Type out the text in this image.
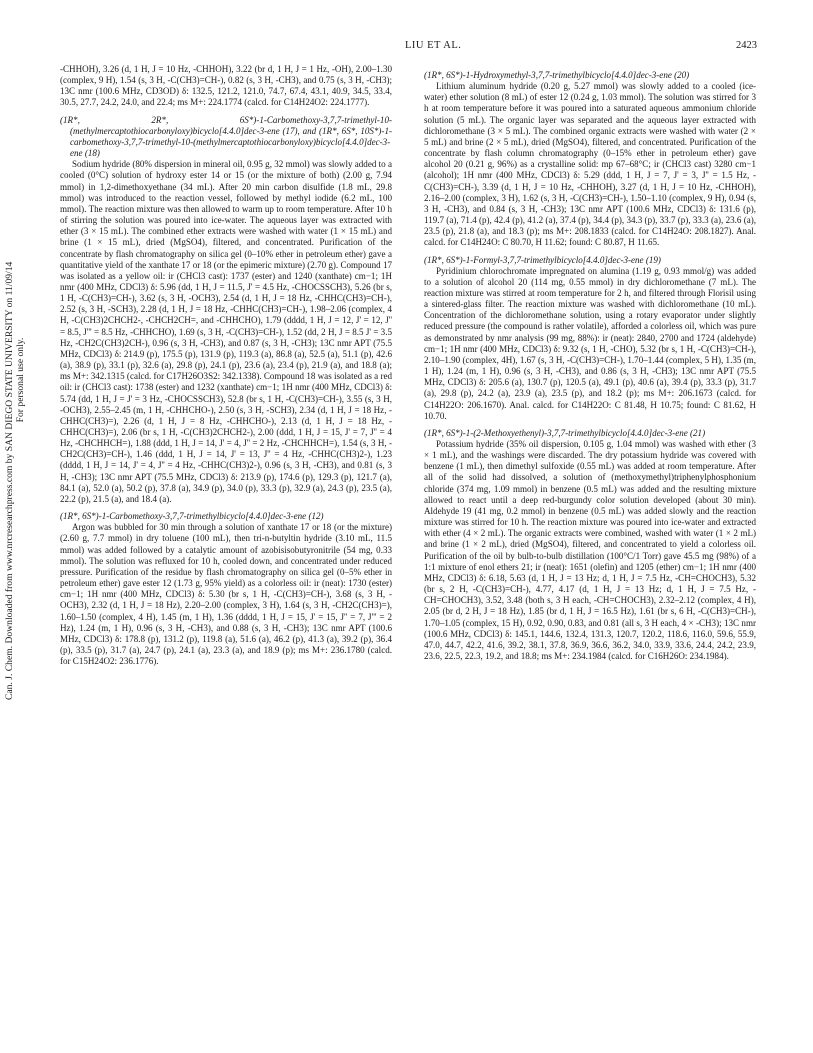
LIU ET AL.	2423
Can. J. Chem. Downloaded from www.nrcresearchpress.com by SAN DIEGO STATE UNIVERSITY on 11/09/14 For personal use only.

-CHHOH), 3.26 (d, 1 H, J = 10 Hz, -CHHOH), 3.22 (br d, 1 H, J = 1 Hz, -OH), 2.00–1.30 (complex, 9 H), 1.54 (s, 3 H, -C(CH3)=CH-), 0.82 (s, 3 H, -CH3), and 0.75 (s, 3 H, -CH3); 13C nmr (100.6 MHz, CD3OD) δ: 132.5, 121.2, 121.0, 74.7, 67.4, 43.1, 40.9, 34.5, 33.4, 30.5, 27.7, 24.2, 24.0, and 22.4; ms M+: 224.1774 (calcd. for C14H24O2: 224.1777).

(1R*, 2R*, 6S*)-1-Carbomethoxy-3,7,7-trimethyl-10-(methylmercaptothiocarbonyloxy)bicyclo[4.4.0]dec-3-ene (17), and (1R*, 6S*, 10S*)-1-carbomethoxy-3,7,7-trimethyl-10-(methylmercaptothiocarbonyloxy)bicyclo[4.4.0]dec-3-ene (18)

Sodium hydride (80% dispersion in mineral oil, 0.95 g, 32 mmol) was slowly added to a cooled (0°C) solution of hydroxy ester 14 or 15 (or the mixture of both) (2.00 g, 7.94 mmol) in 1,2-dimethoxyethane (34 mL). After 20 min carbon disulfide (1.8 mL, 29.8 mmol) was introduced to the reaction vessel, followed by methyl iodide (6.2 mL, 100 mmol). The reaction mixture was then allowed to warm up to room temperature. After 10 h of stirring the solution was poured into ice-water. The aqueous layer was extracted with ether (3 × 15 mL). The combined ether extracts were washed with water (1 × 15 mL) and brine (1 × 15 mL), dried (MgSO4), filtered, and concentrated. Purification of the concentrate by flash chromatography on silica gel (0–10% ether in petroleum ether) gave a quantitative yield of the xanthate 17 or 18 (or the epimeric mixture) (2.70 g). Compound 17 was isolated as a yellow oil: ir (CHCl3 cast): 1737 (ester) and 1240 (xanthate) cm−1; 1H nmr (400 MHz, CDCl3) δ: 5.96 (dd, 1 H, J = 11.5, J' = 4.5 Hz, -CHOCSSCH3), 5.26 (br s, 1 H, -C(CH3)=CH-), 3.62 (s, 3 H, -OCH3), 2.54 (d, 1 H, J = 18 Hz, -CHHC(CH3)=CH-), 2.52 (s, 3 H, -SCH3), 2.28 (d, 1 H, J = 18 Hz, -CHHC(CH3)=CH-), 1.98–2.06 (complex, 4 H, -C(CH3)2CHCH2-, -CHCH2CH=, and -CHHCHO), 1.79 (dddd, 1 H, J = 12, J' = 12, J'' = 8.5, J''' = 8.5 Hz, -CHHCHO), 1.69 (s, 3 H, -C(CH3)=CH-), 1.52 (dd, 2 H, J = 8.5 J' = 3.5 Hz, -CH2C(CH3)2CH-), 0.96 (s, 3 H, -CH3), and 0.87 (s, 3 H, -CH3); 13C nmr APT (75.5 MHz, CDCl3) δ: 214.9 (p), 175.5 (p), 131.9 (p), 119.3 (a), 86.8 (a), 52.5 (a), 51.1 (p), 42.6 (a), 38.9 (p), 33.1 (p), 32.6 (a), 29.8 (p), 24.1 (p), 23.6 (a), 23.4 (p), 21.9 (a), and 18.8 (a); ms M+: 342.1315 (calcd. for C17H26O3S2: 342.1338). Compound 18 was isolated as a red oil: ir (CHCl3 cast): 1738 (ester) and 1232 (xanthate) cm−1; 1H nmr (400 MHz, CDCl3) δ: 5.74 (dd, 1 H, J = J' = 3 Hz, -CHOCSSCH3), 52.8 (br s, 1 H, -C(CH3)=CH-), 3.55 (s, 3 H, -OCH3), 2.55–2.45 (m, 1 H, -CHHCHO-), 2.50 (s, 3 H, -SCH3), 2.34 (d, 1 H, J = 18 Hz, -CHHC(CH3)=), 2.26 (d, 1 H, J = 8 Hz, -CHHCHO-), 2.13 (d, 1 H, J = 18 Hz, -CHHC(CH3)=), 2.06 (br s, 1 H, -C(CH3)2CHCH2-), 2.00 (ddd, 1 H, J = 15, J' = 7, J'' = 4 Hz, -CHCHHCH=), 1.88 (ddd, 1 H, J = 14, J' = 4, J'' = 2 Hz, -CHCHHCH=), 1.54 (s, 3 H, -CH2C(CH3)=CH-), 1.46 (ddd, 1 H, J = 14, J' = 13, J'' = 4 Hz, -CHHC(CH3)2-), 1.23 (dddd, 1 H, J = 14, J' = 4, J'' = 4 Hz, -CHHC(CH3)2-), 0.96 (s, 3 H, -CH3), and 0.81 (s, 3 H, -CH3); 13C nmr APT (75.5 MHz, CDCl3) δ: 213.9 (p), 174.6 (p), 129.3 (p), 121.7 (a), 84.1 (a), 52.0 (a), 50.2 (p), 37.8 (a), 34.9 (p), 34.0 (p), 33.3 (p), 32.9 (a), 24.3 (p), 23.5 (a), 22.2 (p), 21.5 (a), and 18.4 (a).

(1R*, 6S*)-1-Carbomethoxy-3,7,7-trimethylbicyclo[4.4.0]dec-3-ene (12)

Argon was bubbled for 30 min through a solution of xanthate 17 or 18 (or the mixture) (2.60 g, 7.7 mmol) in dry toluene (100 mL), then tri-n-butyltin hydride (3.10 mL, 11.5 mmol) was added followed by a catalytic amount of azobisisobutyronitrile (54 mg, 0.33 mmol). The solution was refluxed for 10 h, cooled down, and concentrated under reduced pressure. Purification of the residue by flash chromatography on silica gel (0–5% ether in petroleum ether) gave ester 12 (1.73 g, 95% yield) as a colorless oil: ir (neat): 1730 (ester) cm−1; 1H nmr (400 MHz, CDCl3) δ: 5.30 (br s, 1 H, -C(CH3)=CH-), 3.68 (s, 3 H, -OCH3), 2.32 (d, 1 H, J = 18 Hz), 2.20–2.00 (complex, 3 H), 1.64 (s, 3 H, -CH2C(CH3)=), 1.60–1.50 (complex, 4 H), 1.45 (m, 1 H), 1.36 (dddd, 1 H, J = 15, J' = 15, J'' = 7, J''' = 2 Hz), 1.24 (m, 1 H), 0.96 (s, 3 H, -CH3), and 0.88 (s, 3 H, -CH3); 13C nmr APT (100.6 MHz, CDCl3) δ: 178.8 (p), 131.2 (p), 119.8 (a), 51.6 (a), 46.2 (p), 41.3 (a), 39.2 (p), 36.4 (p), 33.5 (p), 31.7 (a), 24.7 (p), 24.1 (a), 23.3 (a), and 18.9 (p); ms M+: 236.1780 (calcd. for C15H24O2: 236.1776).

(1R*, 6S*)-1-Hydroxymethyl-3,7,7-trimethylbicyclo[4.4.0]dec-3-ene (20)

Lithium aluminum hydride (0.20 g, 5.27 mmol) was slowly added to a cooled (ice-water) ether solution (8 mL) of ester 12 (0.24 g, 1.03 mmol). The solution was stirred for 3 h at room temperature before it was poured into a saturated aqueous ammonium chloride solution (5 mL). The organic layer was separated and the aqueous layer extracted with dichloromethane (3 × 5 mL). The combined organic extracts were washed with water (2 × 5 mL) and brine (2 × 5 mL), dried (MgSO4), filtered, and concentrated. Purification of the concentrate by flash column chromatography (0–15% ether in petroleum ether) gave alcohol 20 (0.21 g, 96%) as a crystalline solid: mp 67–68°C; ir (CHCl3 cast) 3280 cm−1 (alcohol); 1H nmr (400 MHz, CDCl3) δ: 5.29 (ddd, 1 H, J = 7, J' = 3, J'' = 1.5 Hz, -C(CH3)=CH-), 3.39 (d, 1 H, J = 10 Hz, -CHHOH), 3.27 (d, 1 H, J = 10 Hz, -CHHOH), 2.16–2.00 (complex, 3 H), 1.62 (s, 3 H, -C(CH3)=CH-), 1.50–1.10 (complex, 9 H), 0.94 (s, 3 H, -CH3), and 0.84 (s, 3 H, -CH3); 13C nmr APT (100.6 MHz, CDCl3) δ: 131.6 (p), 119.7 (a), 71.4 (p), 42.4 (p), 41.2 (a), 37.4 (p), 34.4 (p), 34.3 (p), 33.7 (p), 33.3 (a), 23.6 (a), 23.5 (p), 21.8 (a), and 18.3 (p); ms M+: 208.1833 (calcd. for C14H24O: 208.1827). Anal. calcd. for C14H24O: C 80.70, H 11.62; found: C 80.87, H 11.65.

(1R*, 6S*)-1-Formyl-3,7,7-trimethylbicyclo[4.4.0]dec-3-ene (19)

Pyridinium chlorochromate impregnated on alumina (1.19 g, 0.93 mmol/g) was added to a solution of alcohol 20 (114 mg, 0.55 mmol) in dry dichloromethane (7 mL). The reaction mixture was stirred at room temperature for 2 h, and filtered through Florisil using a sintered-glass filter. The reaction mixture was washed with dichloromethane (10 mL). Concentration of the dichloromethane solution, using a rotary evaporator under slightly reduced pressure (the compound is rather volatile), afforded a colorless oil, which was pure as demonstrated by nmr analysis (99 mg, 88%): ir (neat): 2840, 2700 and 1724 (aldehyde) cm−1; 1H nmr (400 MHz, CDCl3) δ: 9.32 (s, 1 H, -CHO), 5.32 (br s, 1 H, -C(CH3)=CH-), 2.10–1.90 (complex, 4H), 1.67 (s, 3 H, -C(CH3)=CH-), 1.70–1.44 (complex, 5 H), 1.35 (m, 1 H), 1.24 (m, 1 H), 0.96 (s, 3 H, -CH3), and 0.86 (s, 3 H, -CH3); 13C nmr APT (75.5 MHz, CDCl3) δ: 205.6 (a), 130.7 (p), 120.5 (a), 49.1 (p), 40.6 (a), 39.4 (p), 33.3 (p), 31.7 (a), 29.8 (p), 24.2 (a), 23.9 (a), 23.5 (p), and 18.2 (p); ms M+: 206.1673 (calcd. for C14H22O: 206.1670). Anal. calcd. for C14H22O: C 81.48, H 10.75; found: C 81.62, H 10.70.

(1R*, 6S*)-1-(2-Methoxyethenyl)-3,7,7-trimethylbicyclo[4.4.0]dec-3-ene (21)

Potassium hydride (35% oil dispersion, 0.105 g, 1.04 mmol) was washed with ether (3 × 1 mL), and the washings were discarded. The dry potassium hydride was covered with benzene (1 mL), then dimethyl sulfoxide (0.55 mL) was added at room temperature. After all of the solid had dissolved, a solution of (methoxymethyl)triphenylphosphonium chloride (374 mg, 1.09 mmol) in benzene (0.5 mL) was added and the resulting mixture allowed to react until a deep red-burgundy color solution developed (about 30 min). Aldehyde 19 (41 mg, 0.2 mmol) in benzene (0.5 mL) was added slowly and the reaction mixture was stirred for 10 h. The reaction mixture was poured into ice-water and extracted with ether (4 × 2 mL). The organic extracts were combined, washed with water (1 × 2 mL) and brine (1 × 2 mL), dried (MgSO4), filtered, and concentrated to yield a colorless oil. Purification of the oil by bulb-to-bulb distillation (100°C/1 Torr) gave 45.5 mg (98%) of a 1:1 mixture of enol ethers 21; ir (neat): 1651 (olefin) and 1205 (ether) cm−1; 1H nmr (400 MHz, CDCl3) δ: 6.18, 5.63 (d, 1 H, J = 13 Hz; d, 1 H, J = 7.5 Hz, -CH=CHOCH3), 5.32 (br s, 2 H, -C(CH3)=CH-), 4.77, 4.17 (d, 1 H, J = 13 Hz; d, 1 H, J = 7.5 Hz, -CH=CHOCH3), 3.52, 3.48 (both s, 3 H each, -CH=CHOCH3), 2.32–2.12 (complex, 4 H), 2.05 (br d, 2 H, J = 18 Hz), 1.85 (br d, 1 H, J = 16.5 Hz), 1.61 (br s, 6 H, -C(CH3)=CH-), 1.70–1.05 (complex, 15 H), 0.92, 0.90, 0.83, and 0.81 (all s, 3 H each, 4 × -CH3); 13C nmr (100.6 MHz, CDCl3) δ: 145.1, 144.6, 132.4, 131.3, 120.7, 120.2, 118.6, 116.0, 59.6, 55.9, 47.0, 44.7, 42.2, 41.6, 39.2, 38.1, 37.8, 36.9, 36.6, 36.2, 34.0, 33.9, 33.6, 24.4, 24.2, 23.9, 23.6, 22.5, 22.3, 19.2, and 18.8; ms M+: 234.1984 (calcd. for C16H26O: 234.1984).
